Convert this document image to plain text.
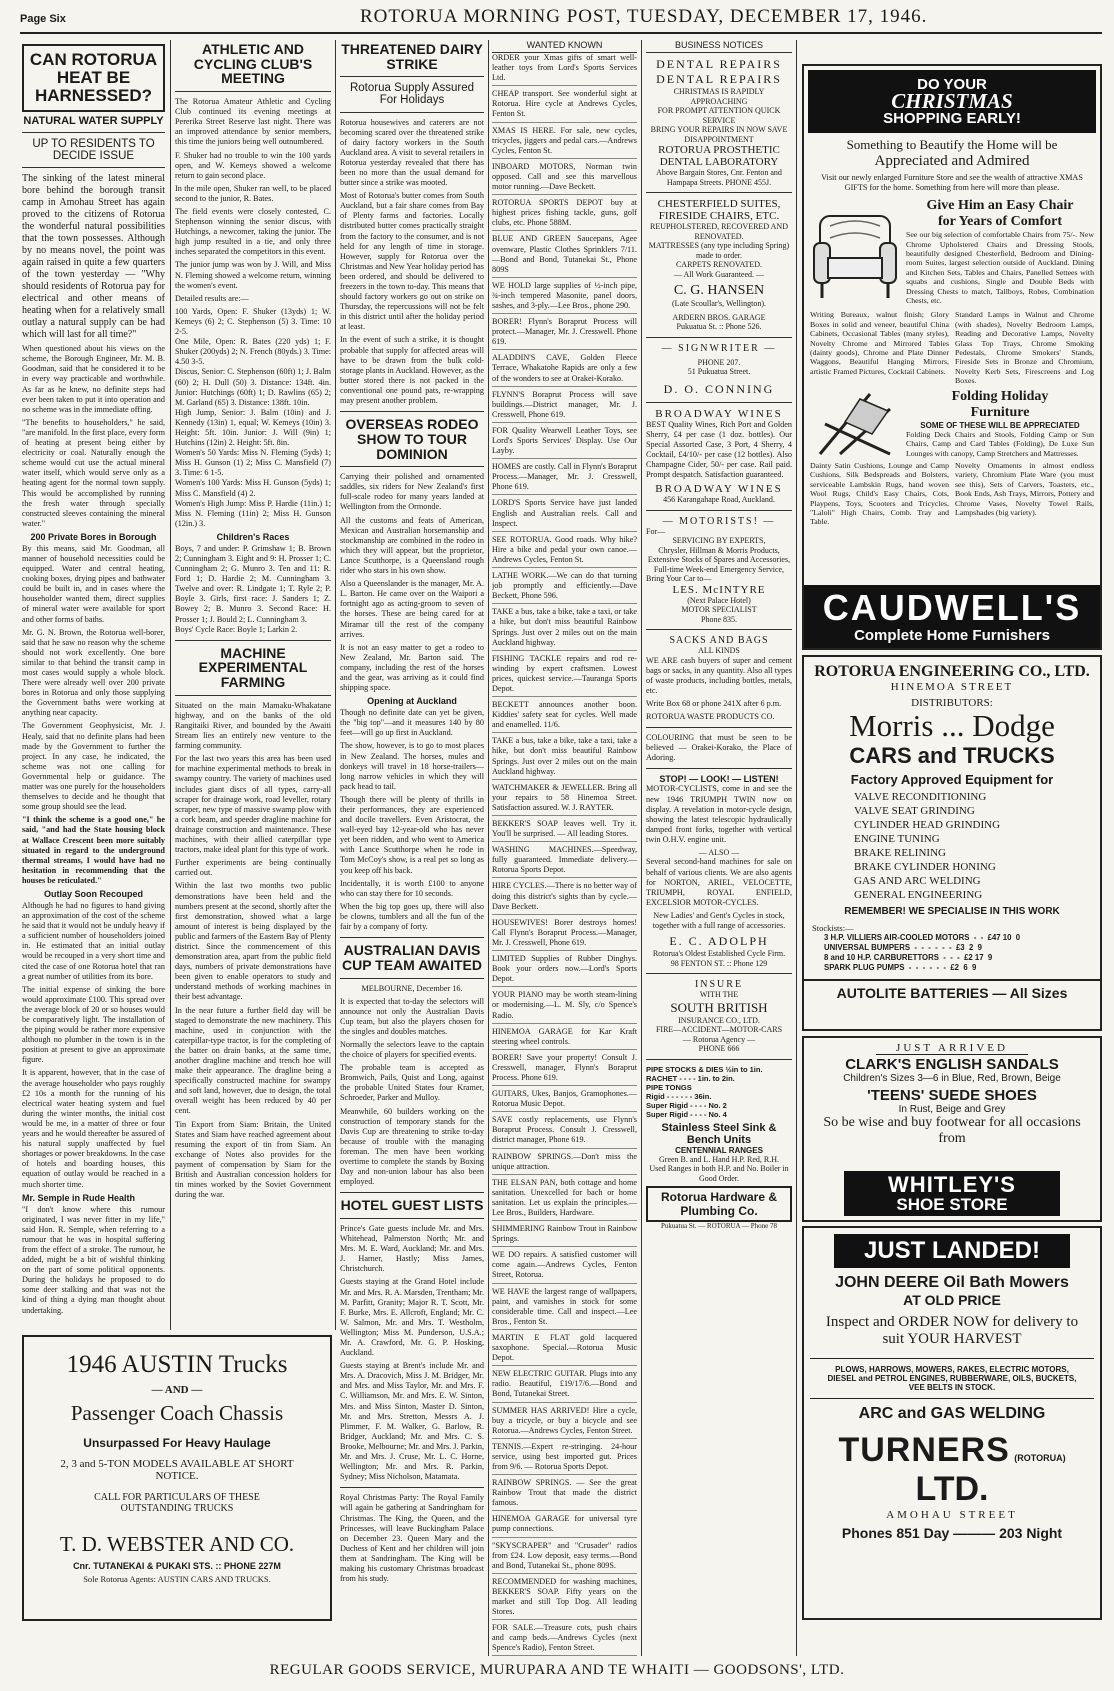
Page Six	ROTORUA MORNING POST, TUESDAY, DECEMBER 17, 1946.
CAN ROTORUA HEAT BE HARNESSED?
NATURAL WATER SUPPLY
UP TO RESIDENTS TO DECIDE ISSUE

The sinking of the latest mineral bore behind the borough transit camp in Amohau Street has again proved to the citizens of Rotorua the wonderful natural possibilities that the town possesses. Although by no means novel, the point was again raised in quite a few quarters of the town yesterday — "Why should residents of Rotorua pay for electrical and other means of heating when for a relatively small outlay a natural supply can be had which will last for all time?"

When questioned about his views on the scheme, the Borough Engineer, Mr. M. B. Goodman, said that he considered it to be in every way practicable and worthwhile. As far as he knew, no definite steps had ever been taken to put it into operation and no scheme was in the immediate offing.

"The benefits to householders," he said, "are manifold. In the first place, every form of heating at present being either by electricity or coal. Naturally enough the scheme would cut use the actual mineral water itself, which would serve only as a heating agent for the normal town supply. This would be accomplished by running the fresh water through specially constructed sleeves containing the mineral water."

200 Private Bores in Borough

By this means, said Mr. Goodman, all manner of household necessities could be equipped. Water and central heating, cooking boxes, drying pipes and bathwater could be built in, and in cases where the householder wanted them, direct supplies of mineral water were available for sport and other forms of baths.

Mr. G. N. Brown, the Rotorua well-borer, said that he saw no reason why the scheme should not work excellently. One bore similar to that behind the transit camp in most cases would supply a whole block. There were already well over 200 private bores in Rotorua and only those supplying the Government baths were working at anything near capacity.

The Government Geophysicist, Mr. J. Healy, said that no definite plans had been made by the Government to further the project. In any case, he indicated, the scheme was not one calling for Governmental help or guidance. The matter was one purely for the householders themselves to decide and he thought that some group should see the lead.

"I think the scheme is a good one," he said, "and had the State housing block at Wallace Crescent been more suitably situated in regard to the underground thermal streams, I would have had no hesitation in recommending that the houses be reticulated."

Outlay Soon Recouped

Although he had no figures to hand giving an approximation of the cost of the scheme he said that it would not be unduly heavy if a sufficient number of householders joined in. He estimated that an initial outlay would be recouped in a very short time and cited the case of one Rotorua hotel that ran a great number of utilities from its bore.

The initial expense of sinking the bore would approximate £100. This spread over the average block of 20 or so houses would be comparatively light. The installation of the piping would be rather more expensive although no plumber in the town is in the position at present to give an approximate figure.

It is apparent, however, that in the case of the average householder who pays roughly £2 10s a month for the running of his electrical water heating system and fuel during the winter months, the initial cost would be me, in a matter of three or four years and he would thereafter be assured of his natural supply unaffected by fuel shortages or power breakdowns. In the case of hotels and boarding houses, this equation of outlay would be reached in a much shorter time.

Mr. Semple in Rude Health

"I don't know where this rumour originated, I was never fitter in my life," said Hon. R. Semple, when referring to a rumour that he was in hospital suffering from the effect of a stroke. The rumour, he added, might be a bit of wishful thinking on the part of some political opponents. During the holidays he proposed to do some deer stalking and that was not the kind of thing a dying man thought about undertaking.

ATHLETIC AND CYCLING CLUB'S MEETING

The Rotorua Amateur Athletic and Cycling Club continued its evening meetings at Pererika Street Reserve last night. There was an improved attendance by senior members, this time the juniors being well outnumbered.

F. Shuker had no trouble to win the 100 yards open, and W. Kemeys showed a welcome return to gain second place.

In the mile open, Shuker ran well, to be placed second to the junior, R. Bates.

The field events were closely contested, C. Stephenson winning the senior discus, with Hutchings, a newcomer, taking the junior. The high jump resulted in a tie, and only three inches separated the competitors in this event.

The junior jump was won by J. Will, and Miss N. Fleming showed a welcome return, winning the women's event.

Detailed results are:—

100 Yards, Open: F. Shuker (13yds) 1; W. Kemeys (6) 2; C. Stephenson (5) 3. Time: 10 2-5.
One Mile, Open: R. Bates (220 yds) 1; F. Shuker (200yds) 2; N. French (80yds.) 3. Time: 4.50 3-5.
Discus, Senior: C. Stephenson (60ft) 1; J. Balm (60) 2; H. Dull (50) 3. Distance: 134ft. 4in. Junior: Hutchings (60ft) 1; D. Rawlins (65) 2; M. Garland (65) 3. Distance: 138ft. 10in.
High Jump, Senior: J. Balm (10in) and J. Kennedy (13in) 1, equal; W. Kemeys (10in) 3. Height: 5ft. 10in. Junior: J. Will (9in) 1; Hutchins (12in) 2. Height: 5ft. 8in.
Women's 50 Yards: Miss N. Fleming (5yds) 1; Miss H. Gunson (1) 2; Miss C. Mansfield (7) 3. Time: 6 1-5.
Women's 100 Yards: Miss H. Gunson (5yds) 1; Miss C. Mansfield (4) 2.
Women's High Jump: Miss P. Hardie (11in.) 1; Miss N. Fleming (11in) 2; Miss H. Gunson (12in.) 3.

Children's Races

Boys, 7 and under: P. Grimshaw 1; B. Brown 2; Cunningham 3. Eight and 9: H. Prosser 1; C. Cunningham 2; G. Munro 3. Ten and 11: R. Ford 1; D. Hardie 2; M. Cunningham 3. Twelve and over: R. Lindgate 1; T. Ryle 2; P. Boyle 3. Girls, first race: J. Sanders 1; Z. Bowey 2; B. Munro 3. Second Race: H. Prosser 1; J. Bould 2; L. Cunningham 3.
Boys' Cycle Race: Boyle 1; Larkin 2.

MACHINE EXPERIMENTAL FARMING

Situated on the main Mamaku-Whakatane highway, and on the banks of the old Rangitaiki River, and bounded by the Awaiti Stream lies an entirely new venture to the farming community.

For the last two years this area has been used for machine experimental methods to break in swampy country. The variety of machines used includes giant discs of all types, carry-all scraper for drainage work, road leveller, rotary scraper, new type of massive swamp plow with a cork beam, and speeder dragline machine for drainage construction and maintenance. These machines, with their allied caterpillar type tractors, make ideal plant for this type of work.

Further experiments are being continually carried out.

Within the last two months two public demonstrations have been held and the numbers present at the second, shortly after the first demonstration, showed what a large amount of interest is being displayed by the public and farmers of the Eastern Bay of Plenty district. Since the commencement of this demonstration area, apart from the public field days, numbers of private demonstrations have been given to enable operators to study and understand methods of working machines in their best advantage.

In the near future a further field day will be staged to demonstrate the new machinery. This machine, used in conjunction with the caterpillar-type tractor, is for the completing of the batter on drain banks, at the same time, another dragline machine and trench hoe will make their appearance. The dragline being a specifically constructed machine for swampy and soft land, however, due to design, the total overall weight has been reduced by 40 per cent.

Tin Export from Siam: Britain, the United States and Siam have reached agreement about resuming the export of tin from Siam. An exchange of Notes also provides for the payment of compensation by Siam for the British and Australian concession holders for tin mines worked by the Soviet Government during the war.

THREATENED DAIRY STRIKE
Rotorua Supply Assured For Holidays

Rotorua housewives and caterers are not becoming scared over the threatened strike of dairy factory workers in the South Auckland area. A visit to several retailers in Rotorua yesterday revealed that there has been no more than the usual demand for butter since a strike was mooted.

Most of Rotorua's butter comes from South Auckland, but a fair share comes from Bay of Plenty farms and factories. Locally distributed butter comes practically straight from the factory to the consumer, and is not held for any length of time in storage. However, supply for Rotorua over the Christmas and New Year holiday period has been ordered, and should be delivered to freezers in the town to-day. This means that should factory workers go out on strike on Thursday, the repercussions will not be felt in this district until after the holiday period at least.

In the event of such a strike, it is thought probable that supply for affected areas will have to be drawn from the bulk cold-storage plants in Auckland. However, as the butter stored there is not packed in the conventional one pound pats, re-wrapping may present another problem.

OVERSEAS RODEO SHOW TO TOUR DOMINION

Carrying their polished and ornamented saddles, six riders for New Zealand's first full-scale rodeo for many years landed at Wellington from the Ormonde.

All the customs and feats of American, Mexican and Australian horsemanship and stockmanship are combined in the rodeo in which they will appear, but the proprietor, Lance Scutthorpe, is a Queensland rough rider who stars in his own show.

Also a Queenslander is the manager, Mr. A. L. Barton. He came over on the Waipori a fortnight ago as acting-groom to seven of the horses. These are being cared for at Miramar till the rest of the company arrives.

It is not an easy matter to get a rodeo to New Zealand, Mr. Barton said. The company, including the rest of the horses and the gear, was arriving as it could find shipping space.

Opening at Auckland

Though no definite date can yet be given, the "big top"—and it measures 140 by 80 feet—will go up first in Auckland.

The show, however, is to go to most places in New Zealand. The horses, mules and donkeys will travel in 18 horse-trailers—long narrow vehicles in which they will pack head to tail.

Though there will be plenty of thrills in their performances, they are experienced and docile travellers. Even Aristocrat, the wall-eyed bay 12-year-old who has never yet been ridden, and who went to America with Lance Scutthorpe when he rode in Tom McCoy's show, is a real pet so long as you keep off his back.

Incidentally, it is worth £100 to anyone who can stay there for 10 seconds.

When the big top goes up, there will also be clowns, tumblers and all the fun of the fair by a company of forty.

AUSTRALIAN DAVIS CUP TEAM AWAITED

MELBOURNE, December 16.

It is expected that to-day the selectors will announce not only the Australian Davis Cup team, but also the players chosen for the singles and doubles matches.

Normally the selectors leave to the captain the choice of players for specified events.

The probable team is accepted as Bromwich, Pails, Quist and Long, against the probable United States four Kramer, Schroeder, Parker and Mulloy.

Meanwhile, 60 builders working on the construction of temporary stands for the Davis Cup are threatening to strike to-day because of trouble with the managing foreman. The men have been working overtime to complete the stands by Boxing Day and non-union labour has also been employed.

HOTEL GUEST LISTS

Prince's Gate guests include Mr. and Mrs. Whitehead, Palmerston North; Mr. and Mrs. M. E. Ward, Auckland; Mr. and Mrs. J. Harner, Hastly; Miss James, Christchurch.

Guests staying at the Grand Hotel include Mr. and Mrs. R. A. Marsden, Trentham; Mr. M. Parfitt, Granity; Major R. T. Scott, Mr. F. Burke, Mrs. E. Allcroft, England; Mr. C. W. Salmon, Mr. and Mrs. T. Westholm, Wellington; Miss M. Punderson, U.S.A.; Mr. A. Crawford, Mr. G. P. Hosking, Auckland.

Guests staying at Brent's include Mr. and Mrs. A. Dracovich, Miss J. M. Bridger, Mr. and Mrs. and Miss Taylor, Mr. and Mrs. F. C. Williamson, Mr. and Mrs. E. W. Sinton, Mrs. and Miss Sinton, Master D. Sinton, Mr. and Mrs. Stretton, Messrs A. J. Plimmer, F. M. Walker, G. Barlow, R. Bridger, Auckland; Mr. and Mrs. C. S. Brooke, Melbourne; Mr. and Mrs. J. Parkin, Mr. and Mrs. J. Cruse, Mr. L. C. Horne, Wellington; Mr. and Mrs. R. Parkin, Sydney; Miss Nicholson, Matamata.

Royal Christmas Party: The Royal Family will again be gathering at Sandringham for Christmas. The King, the Queen, and the Princesses, will leave Buckingham Palace on December 23. Queen Mary and the Duchess of Kent and her children will join them at Sandringham. The King will be making his customary Christmas broadcast from his study.

1946 AUSTIN Trucks
— AND —
Passenger Coach Chassis
Unsurpassed For Heavy Haulage
2, 3 and 5-TON MODELS AVAILABLE AT SHORT NOTICE.
CALL FOR PARTICULARS OF THESE OUTSTANDING TRUCKS
T. D. WEBSTER AND CO.
Cnr. TUTANEKAI & PUKAKI STS. :: PHONE 227M
Sole Rotorua Agents: AUSTIN CARS AND TRUCKS.
WANTED KNOWN

ORDER your Xmas gifts of smart well-leather toys from Lord's Sports Services Ltd.

CHEAP transport. See wonderful sight at Rotorua. Hire cycle at Andrews Cycles, Fenton St.

XMAS IS HERE. For sale, new cycles, tricycles, jiggers and pedal cars.—Andrews Cycles, Fenton St.

INBOARD MOTORS, Norman twin opposed. Call and see this marvellous motor running.—Dave Beckett.

ROTORUA SPORTS DEPOT buy at highest prices fishing tackle, guns, golf clubs, etc. Phone 588M.

BLUE AND GREEN Saucepans, Agee ovenware, Plastic Clothes Sprinklers 7/11.—Bond and Bond, Tutanekai St., Phone 809S

WE HOLD large supplies of ½-inch pipe, ¾-inch tempered Masonite, panel doors, sashes, and 3-ply.—Lee Bros., phone 290.

BORER! Flynn's Boraprut Process will protect.—Manager, Mr. J. Cresswell. Phone 619.

ALADDIN'S CAVE, Golden Fleece Terrace, Whakatohe Rapids are only a few of the wonders to see at Orakei-Korako.

FLYNN'S Boraprut Process will save buildings.—District manager, Mr. J. Cresswell, Phone 619.

FOR Quality Wearwell Leather Toys, see Lord's Sports Services' Display. Use Our Layby.

HOMES are costly. Call in Flynn's Boraprut Process.—Manager, Mr. J. Cresswell, Phone 619.

LORD'S Sports Service have just landed English and Australian reels. Call and Inspect.

SEE ROTORUA. Good roads. Why hike? Hire a bike and pedal your own canoe.—Andrews Cycles, Fenton St.

LATHE WORK.—We can do that turning job promptly and efficiently.—Dave Beckett, Phone 596.

TAKE a bus, take a bike, take a taxi, or take a hike, but don't miss beautiful Rainbow Springs. Just over 2 miles out on the main Auckland highway.

FISHING TACKLE repairs and rod re-winding by expert craftsmen. Lowest prices, quickest service.—Tauranga Sports Depot.

BECKETT announces another boon. Kiddies' safety seat for cycles. Well made and enamelled. 11/6.

TAKE a bus, take a bike, take a taxi, take a hike, but don't miss beautiful Rainbow Springs. Just over 2 miles out on the main Auckland highway.

WATCHMAKER & JEWELLER. Bring all your repairs to 58 Hinemoa Street. Satisfaction assured. W. J. RAYTER.

BEKKER'S SOAP leaves well. Try it. You'll be surprised. — All leading Stores.

WASHING MACHINES.—Speedway, fully guaranteed. Immediate delivery.—Rotorua Sports Depot.

HIRE CYCLES.—There is no better way of doing this district's sights than by cycle.—Dave Beckett.

HOUSEWIVES! Borer destroys homes! Call Flynn's Boraprut Process.—Manager, Mr. J. Cresswell, Phone 619.

LIMITED Supplies of Rubber Dinghys. Book your orders now.—Lord's Sports Depot.

YOUR PIANO may be worth steam-lining or modernising.—L. M. Sly, c/o Spence's Radio.

HINEMOA GARAGE for Kar Kraft steering wheel controls.

BORER! Save your property! Consult J. Cresswell, manager, Flynn's Boraprut Process. Phone 619.

GUITARS, Ukes, Banjos, Gramophones.—Rotorua Music Depot.

SAVE costly replacements, use Flynn's Boraprut Process. Consult J. Cresswell, district manager, Phone 619.

RAINBOW SPRINGS.—Don't miss the unique attraction.

THE ELSAN PAN, both cottage and home sanitation. Unexcelled for bach or home sanitation. Let us explain the principles.—Lee Bros., Builders, Hardware.

SHIMMERING Rainbow Trout in Rainbow Springs.

WE DO repairs. A satisfied customer will come again.—Andrews Cycles, Fenton Street, Rotorua.

WE HAVE the largest range of wallpapers, paint, and varnishes in stock for some considerable time. Call and inspect.—Lee Bros., Fenton St.

MARTIN E FLAT gold lacquered saxophone. Special.—Rotorua Music Depot.

NEW ELECTRIC GUITAR. Plugs into any radio. Beautiful, £19/17/6.—Bond and Bond, Tutanekai Street.

SUMMER HAS ARRIVED! Hire a cycle, buy a tricycle, or buy a bicycle and see Rotorua.—Andrews Cycles, Fenton Street.

TENNIS.—Expert re-stringing. 24-hour service, using best imported gut. Prices from 9/6. — Rotorua Sports Depot.

RAINBOW SPRINGS. — See the great Rainbow Trout that made the district famous.

HINEMOA GARAGE for universal tyre pump connections.

"SKYSCRAPER" and "Crusader" radios from £24. Low deposit, easy terms.—Bond and Bond, Tutanekai St., phone 809S.

RECOMMENDED for washing machines, BEKKER'S SOAP. Fifty years on the market and still Top Dog. All leading Stores.

FOR SALE.—Treasure cots, push chairs and camp beds.—Andrews Cycles (next Spence's Radio), Fenton Street.

BUSINESS NOTICES
DENTAL REPAIRS
DENTAL REPAIRS
CHRISTMAS IS RAPIDLY APPROACHING
FOR PROMPT ATTENTION QUICK SERVICE
BRING YOUR REPAIRS IN NOW SAVE DISAPPOINTMENT
ROTORUA PROSTHETIC DENTAL LABORATORY
Above Bargain Stores, Cnr. Fenton and Hampapa Streets. PHONE 455J.
CHESTERFIELD SUITES, FIRESIDE CHAIRS, ETC.
REUPHOLSTERED, RECOVERED AND RENOVATED.
MATTRESSES (any type including Spring) made to order.
CARPETS RENOVATED.
— All Work Guaranteed. —
C. G. HANSEN
(Late Scoullar's, Wellington).
ARDERN BROS. GARAGE
Pukuatua St. :: Phone 526.
— SIGNWRITER —
PHONE 207.
51 Pukuatua Street.
D. O. CONNING
BROADWAY WINES

BEST Quality Wines, Rich Port and Golden Sherry, £4 per case (1 doz. bottles). Our Special Assorted Case, 3 Port, 4 Sherry, 4 Cocktail, £4/10/- per case (12 bottles). Also Champagne Cider, 50/- per case. Rail paid. Prompt despatch. Satisfaction guaranteed.

BROADWAY WINES
456 Karangahape Road, Auckland.
— MOTORISTS! —
For—
SERVICING BY EXPERTS,
Chrysler, Hillman & Morris Products, Extensive Stocks of Spares and Accessories,
Full-time Week-end Emergency Service,
Bring Your Car to—
LES. McINTYRE
(Next Palace Hotel)
MOTOR SPECIALIST
Phone 835.
SACKS AND BAGS
ALL KINDS

WE ARE cash buyers of super and cement bags or sacks, in any quantity. Also all types of waste products, including bottles, metals, etc.

Write Box 68 or phone 241X after 6 p.m.

ROTORUA WASTE PRODUCTS CO.

COLOURING that must be seen to be believed — Orakei-Korako, the Place of Adoring.

STOP! — LOOK! — LISTEN!

MOTOR-CYCLISTS, come in and see the new 1946 TRIUMPH TWIN now on display. A revelation in motor-cycle design, showing the latest telescopic hydraulically damped front forks, together with vertical twin O.H.V. engine unit.

— ALSO —

Several second-hand machines for sale on behalf of various clients. We are also agents for NORTON, ARIEL, VELOCETTE, TRIUMPH, ROYAL ENFIELD, EXCELSIOR MOTOR-CYCLES.

New Ladies' and Gent's Cycles in stock, together with a full range of accessories.

E. C. ADOLPH
Rotorua's Oldest Established Cycle Firm.
98 FENTON ST. :: Phone 129
INSURE
WITH THE
SOUTH BRITISH
INSURANCE CO., LTD.
FIRE—ACCIDENT—MOTOR-CARS
— Rotorua Agency —
PHONE 666
PIPE STOCKS & DIES ½in to 1in.
RACHET - - - - 1in. to 2in.
PIPE TONGS
Rigid - - - - - - 36in.
Super Rigid - - - - No. 2
Super Rigid - - - - No. 4
Stainless Steel Sink & Bench Units
CENTENNIAL RANGES
Green B. and L. Hand H.P. Red, R.H.
Used Ranges in both H.P. and No. Boiler in Good Order.
Rotorua Hardware & Plumbing Co.
Pukuatua St. — ROTORUA — Phone 78
DO YOUR
CHRISTMAS
SHOPPING EARLY!
Something to Beautify the Home will be
Appreciated and Admired

Visit our newly enlarged Furniture Store and see the wealth of attractive XMAS GIFTS for the home. Something from here will more than please.

Give Him an Easy Chair
for Years of Comfort

See our big selection of comfortable Chairs from 75/-. New Chrome Upholstered Chairs and Dressing Stools, beautifully designed Chesterfield, Bedroom and Dining-room Suites, largest selection outside of Auckland. Dining and Kitchen Sets, Tables and Chairs, Panelled Settees with squabs and cushions, Single and Double Beds with Dressing Chests to match, Tallboys, Robes, Combination Chests, etc.

Writing Bureaux, walnut finish; Glory Boxes in solid and veneer, beautiful China Cabinets, Occasional Tables (many styles), Novelty Chrome and Mirrored Tables (dainty goods), Chrome and Plate Dinner Waggons, Beautiful Hanging Mirrors, artistic Framed Pictures, Cocktail Cabinets.

Standard Lamps in Walnut and Chrome (with shades), Novelty Bedroom Lamps, Reading and Decorative Lamps, Novelty Glass Top Trays, Chrome Smoking Pedestals, Chrome Smokers' Stands, Fireside Sets in Bronze and Chromium, Novelty Kerb Sets, Firescreens and Log Boxes.

Folding Holiday
Furniture
SOME OF THESE WILL BE APPRECIATED

Folding Deck Chairs and Stools, Folding Camp or Sun Chairs, Camp and Card Tables (Folding), De Luxe Sun Lounges with canopy, Camp Stretchers and Mattresses.

Dainty Satin Cushions, Lounge and Camp Cushions, Silk Bedspreads and Bolsters, serviceable Lambskin Rugs, hand woven Wool Rugs, Child's Easy Chairs, Cots, Playpens, Toys, Scooters and Tricycles, "Laloli" High Chairs, Comb. Tray and Table.

Novelty Ornaments in almost endless variety, Chromium Plate Ware (you must see this), Sets of Carvers, Toasters, etc., Book Ends, Ash Trays, Mirrors, Pottery and Chrome Vases, Novelty Towel Rails, Lampshades (big variety).

CAUDWELL'S
Complete Home Furnishers
ROTORUA ENGINEERING CO., LTD.
HINEMOA STREET
DISTRIBUTORS:
Morris ... Dodge
CARS and TRUCKS
Factory Approved Equipment for
VALVE RECONDITIONING
VALVE SEAT GRINDING
CYLINDER HEAD GRINDING
ENGINE TUNING
BRAKE RELINING
BRAKE CYLINDER HONING
GAS AND ARC WELDING
GENERAL ENGINEERING
REMEMBER! WE SPECIALISE IN THIS WORK
Stockists:—
3 H.P. VILLIERS AIR-COOLED MOTORS  -  -  £47 10  0
UNIVERSAL BUMPERS  -  -  -  -  -  -  £3  2  9
8 and 10 H.P. CARBURETTORS  -  -  -  £2 17  9
SPARK PLUG PUMPS  -  -  -  -  -  -  £2  6  9
AUTOLITE BATTERIES — All Sizes
JUST ARRIVED
CLARK'S ENGLISH SANDALS
Children's Sizes 3—6 in Blue, Red, Brown, Beige
'TEENS' SUEDE SHOES
In Rust, Beige and Grey
So be wise and buy footwear for all occasions from
WHITLEY'S
SHOE STORE
JUST LANDED!
JOHN DEERE Oil Bath Mowers
AT OLD PRICE
Inspect and ORDER NOW for delivery to suit YOUR HARVEST
PLOWS, HARROWS, MOWERS, RAKES, ELECTRIC MOTORS, DIESEL and PETROL ENGINES, RUBBERWARE, OILS, BUCKETS, VEE BELTS IN STOCK.
ARC and GAS WELDING
TURNERS (ROTORUA) LTD.
AMOHAU STREET
Phones 851 Day ——— 203 Night
REGULAR GOODS SERVICE, MURUPARA AND TE WHAITI — GOODSONS', LTD.
